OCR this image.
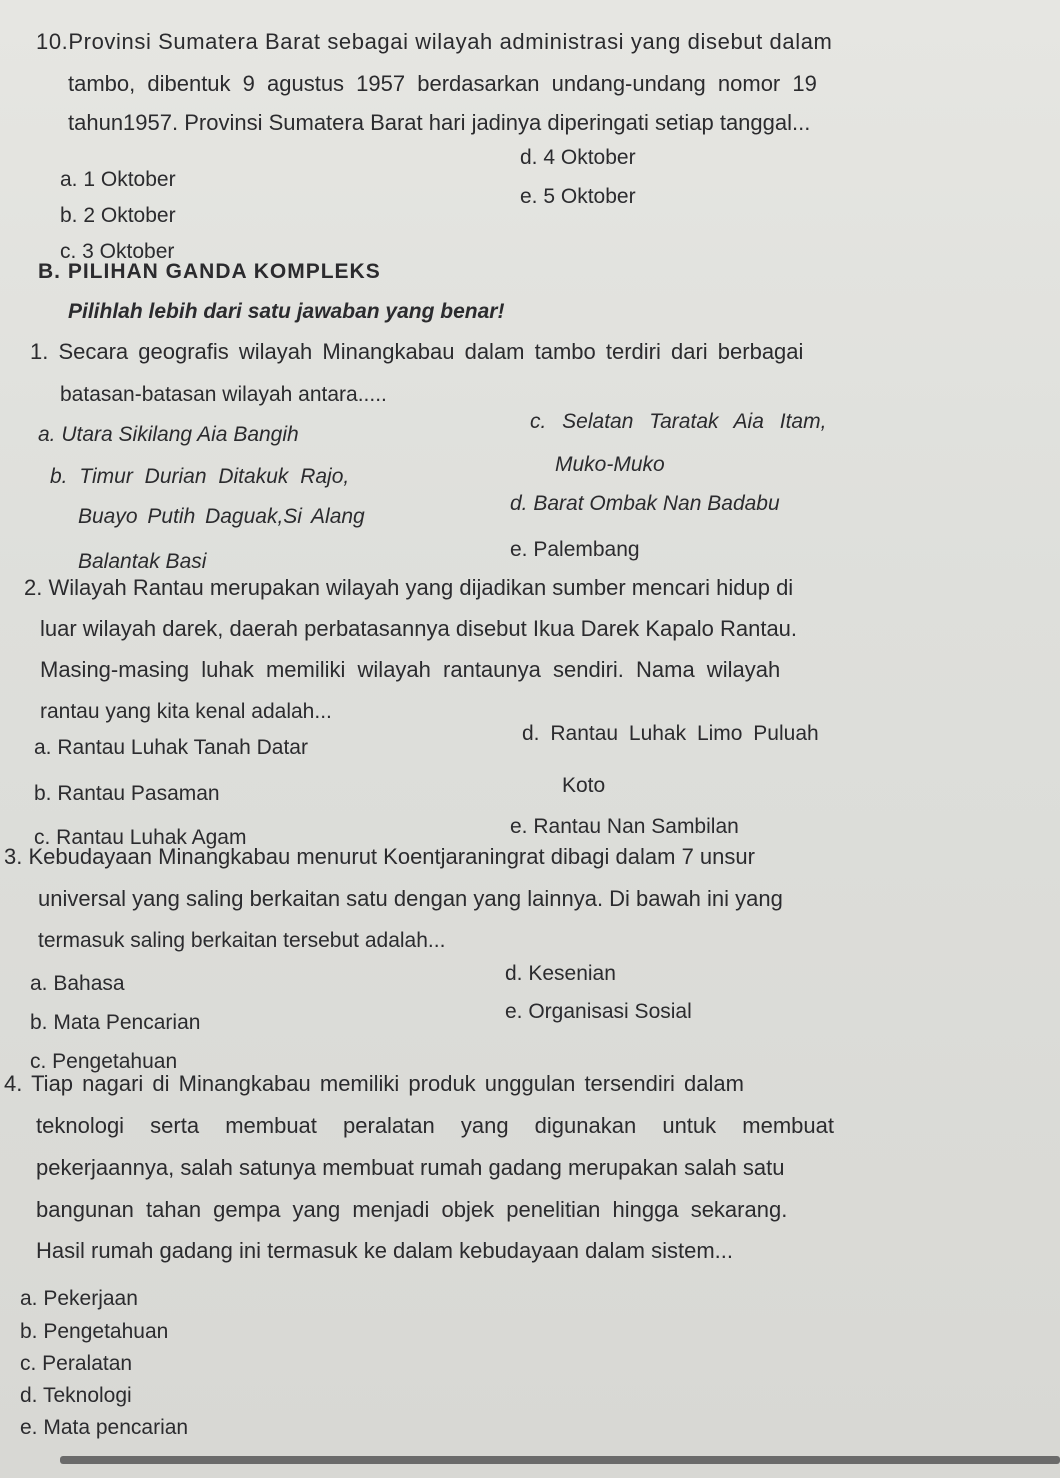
10.Provinsi Sumatera Barat sebagai wilayah administrasi yang disebut dalam
tambo, dibentuk 9 agustus 1957 berdasarkan undang-undang nomor 19
tahun1957. Provinsi Sumatera Barat hari jadinya diperingati setiap tanggal...
d. 4 Oktober
a. 1 Oktober
e. 5 Oktober
b. 2 Oktober
c. 3 Oktober
B. PILIHAN GANDA KOMPLEKS
Pilihlah lebih dari satu jawaban yang benar!
1. Secara geografis wilayah Minangkabau dalam tambo terdiri dari berbagai
batasan-batasan wilayah antara.....
a. Utara Sikilang Aia Bangih
c. Selatan Taratak Aia Itam,
b. Timur Durian Ditakuk Rajo,
Muko-Muko
Buayo Putih Daguak,Si Alang
d. Barat Ombak Nan Badabu
Balantak Basi
e. Palembang
2. Wilayah Rantau merupakan wilayah yang dijadikan sumber mencari hidup di
luar wilayah darek, daerah perbatasannya disebut Ikua Darek Kapalo Rantau.
Masing-masing luhak memiliki wilayah rantaunya sendiri. Nama wilayah
rantau yang kita kenal adalah...
a. Rantau Luhak Tanah Datar
d. Rantau Luhak Limo Puluah
b. Rantau Pasaman	Koto
c. Rantau Luhak Agam	e. Rantau Nan Sambilan
3. Kebudayaan Minangkabau menurut Koentjaraningrat dibagi dalam 7 unsur
universal yang saling berkaitan satu dengan yang lainnya. Di bawah ini yang
termasuk saling berkaitan tersebut adalah...
d. Kesenian
a. Bahasa
e. Organisasi Sosial
b. Mata Pencarian
c. Pengetahuan
4. Tiap nagari di Minangkabau memiliki produk unggulan tersendiri dalam
teknologi serta membuat peralatan yang digunakan untuk membuat
pekerjaannya, salah satunya membuat rumah gadang merupakan salah satu
bangunan tahan gempa yang menjadi objek penelitian hingga sekarang.
Hasil rumah gadang ini termasuk ke dalam kebudayaan dalam sistem...
a. Pekerjaan
b. Pengetahuan
c. Peralatan
d. Teknologi
e. Mata pencarian
